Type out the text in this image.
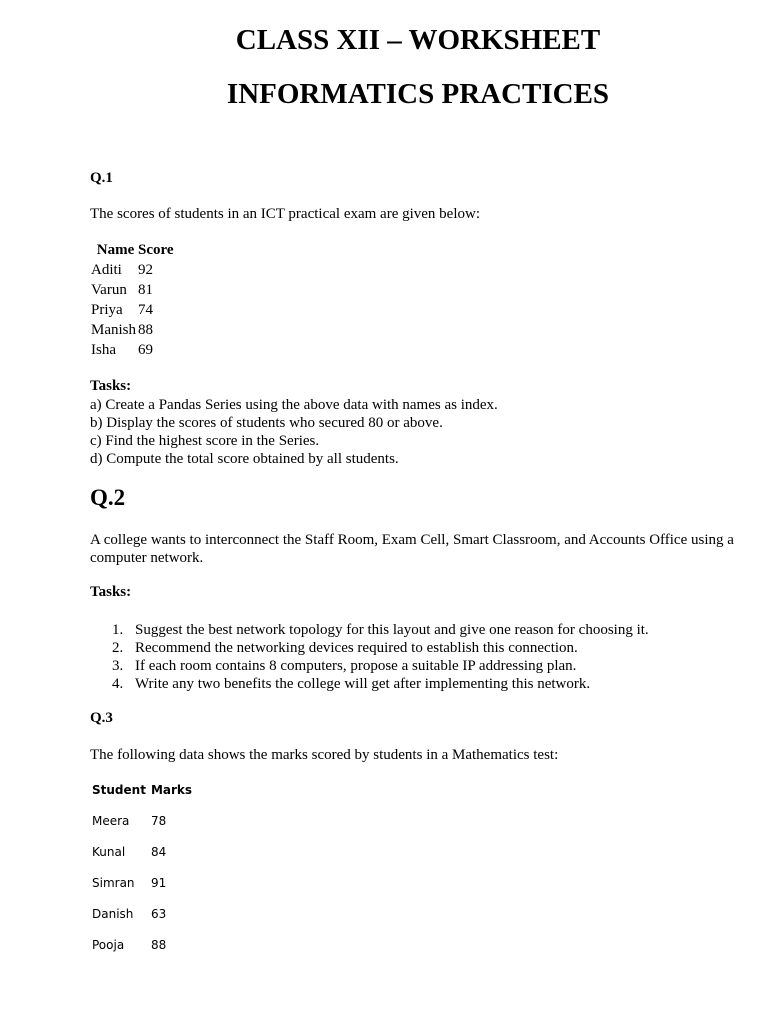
CLASS XII – WORKSHEET
INFORMATICS PRACTICES
Q.1
The scores of students in an ICT practical exam are given below:
Name	Score
Aditi	92
Varun	81
Priya	74
Manish	88
Isha	69
Tasks:
a) Create a Pandas Series using the above data with names as index.
b) Display the scores of students who secured 80 or above.
c) Find the highest score in the Series.
d) Compute the total score obtained by all students.
Q.2
A college wants to interconnect the Staff Room, Exam Cell, Smart Classroom, and Accounts Office using a computer network.
Tasks:
1. Suggest the best network topology for this layout and give one reason for choosing it.
2. Recommend the networking devices required to establish this connection.
3. If each room contains 8 computers, propose a suitable IP addressing plan.
4. Write any two benefits the college will get after implementing this network.
Q.3
The following data shows the marks scored by students in a Mathematics test:
Student	Marks
Meera	78
Kunal	84
Simran	91
Danish	63
Pooja	88
